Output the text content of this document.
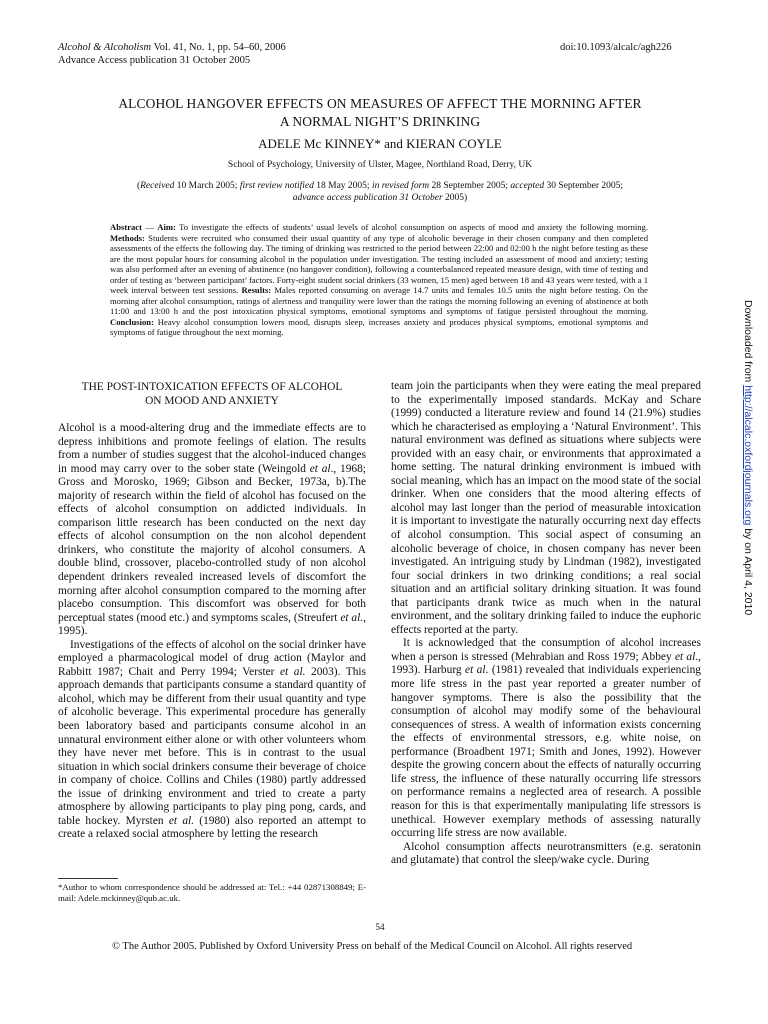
Alcohol & Alcoholism Vol. 41, No. 1, pp. 54–60, 2006
Advance Access publication 31 October 2005
doi:10.1093/alcalc/agh226
ALCOHOL HANGOVER EFFECTS ON MEASURES OF AFFECT THE MORNING AFTER
A NORMAL NIGHT’S DRINKING
ADELE Mc KINNEY* and KIERAN COYLE
School of Psychology, University of Ulster, Magee, Northland Road, Derry, UK
(Received 10 March 2005; first review notified 18 May 2005; in revised form 28 September 2005; accepted 30 September 2005;
advance access publication 31 October 2005)
Abstract — Aim: To investigate the effects of students’ usual levels of alcohol consumption on aspects of mood and anxiety the following morning. Methods: Students were recruited who consumed their usual quantity of any type of alcoholic beverage in their chosen company and then completed assessments of the effects the following day. The timing of drinking was restricted to the period between 22:00 and 02:00 h the night before testing as these are the most popular hours for consuming alcohol in the population under investigation. The testing included an assessment of mood and anxiety; testing was also performed after an evening of abstinence (no hangover condition), following a counterbalanced repeated measure design, with time of testing and order of testing as ‘between participant’ factors. Forty-eight student social drinkers (33 women, 15 men) aged between 18 and 43 years were tested, with a 1 week interval between test sessions. Results: Males reported consuming on average 14.7 units and females 10.5 units the night before testing. On the morning after alcohol consumption, ratings of alertness and tranquility were lower than the ratings the morning following an evening of abstinence at both 11:00 and 13:00 h and the post intoxication physical symptoms, emotional symptoms and symptoms of fatigue persisted throughout the morning. Conclusion: Heavy alcohol consumption lowers mood, disrupts sleep, increases anxiety and produces physical symptoms, emotional symptoms and symptoms of fatigue throughout the next morning.	Downloaded from http://alcalc.oxfordjournals.org by on April 4, 2010
THE POST-INTOXICATION EFFECTS OF ALCOHOL
ON MOOD AND ANXIETY

Alcohol is a mood-altering drug and the immediate effects are to depress inhibitions and promote feelings of elation. The results from a number of studies suggest that the alcohol-induced changes in mood may carry over to the sober state (Weingold et al., 1968; Gross and Morosko, 1969; Gibson and Becker, 1973a, b).The majority of research within the field of alcohol has focused on the effects of alcohol consumption on addicted individuals. In comparison little research has been conducted on the next day effects of alcohol consumption on the non alcohol dependent drinkers, who constitute the majority of alcohol consumers. A double blind, crossover, placebo-controlled study of non alcohol dependent drinkers revealed increased levels of discomfort the morning after alcohol consumption compared to the morning after placebo consumption. This discomfort was observed for both perceptual states (mood etc.) and symptoms scales, (Streufert et al., 1995).

Investigations of the effects of alcohol on the social drinker have employed a pharmacological model of drug action (Maylor and Rabbitt 1987; Chait and Perry 1994; Verster et al. 2003). This approach demands that participants consume a standard quantity of alcohol, which may be different from their usual quantity and type of alcoholic beverage. This experimental procedure has generally been laboratory based and participants consume alcohol in an unnatural environment either alone or with other volunteers whom they have never met before. This is in contrast to the usual situation in which social drinkers consume their beverage of choice in company of choice. Collins and Chiles (1980) partly addressed the issue of drinking environment and tried to create a party atmosphere by allowing participants to play ping pong, cards, and table hockey. Myrsten et al. (1980) also reported an attempt to create a relaxed social atmosphere by letting the research

team join the participants when they were eating the meal prepared to the experimentally imposed standards. McKay and Schare (1999) conducted a literature review and found 14 (21.9%) studies which he characterised as employing a ‘Natural Environment’. This natural environment was defined as situations where subjects were provided with an easy chair, or environments that approximated a home setting. The natural drinking environment is imbued with social meaning, which has an impact on the mood state of the social drinker. When one considers that the mood altering effects of alcohol may last longer than the period of measurable intoxication it is important to investigate the naturally occurring next day effects of alcohol consumption. This social aspect of consuming an alcoholic beverage of choice, in chosen company has never been investigated. An intriguing study by Lindman (1982), investigated four social drinkers in two drinking conditions; a real social situation and an artificial solitary drinking situation. It was found that participants drank twice as much when in the natural environment, and the solitary drinking failed to induce the euphoric effects reported at the party.

It is acknowledged that the consumption of alcohol increases when a person is stressed (Mehrabian and Ross 1979; Abbey et al., 1993). Harburg et al. (1981) revealed that individuals experiencing more life stress in the past year reported a greater number of hangover symptoms. There is also the possibility that the consumption of alcohol may modify some of the behavioural consequences of stress. A wealth of information exists concerning the effects of environmental stressors, e.g. white noise, on performance (Broadbent 1971; Smith and Jones, 1992). However despite the growing concern about the effects of naturally occurring life stress, the influence of these naturally occurring life stressors on performance remains a neglected area of research. A possible reason for this is that experimentally manipulating life stressors is unethical. However exemplary methods of assessing naturally occurring life stress are now available.

Alcohol consumption affects neurotransmitters (e.g. seratonin and glutamate) that control the sleep/wake cycle. During

*Author to whom correspondence should be addressed at: Tel.: +44 02871308849; E-mail: Adele.mckinney@qub.ac.uk.
54
© The Author 2005. Published by Oxford University Press on behalf of the Medical Council on Alcohol. All rights reserved
